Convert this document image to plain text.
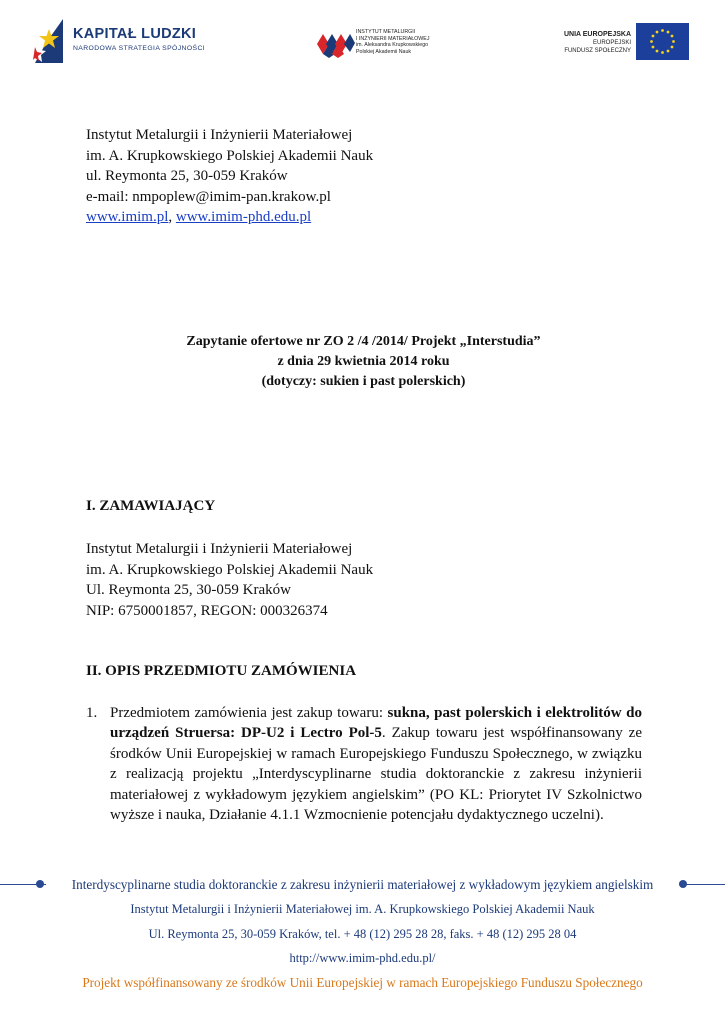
KAPITAŁ LUDZKI
NARODOWA STRATEGIA SPÓJNOŚCI
INSTYTUT METALURGII
I INŻYNIERII MATERIAŁOWEJ
im. Aleksandra Krupkowskiego
Polskiej Akademii Nauk
UNIA EUROPEJSKA
EUROPEJSKI
FUNDUSZ SPOŁECZNY
Instytut Metalurgii i Inżynierii Materiałowej
im. A. Krupkowskiego Polskiej Akademii Nauk
ul. Reymonta 25, 30-059 Kraków
e-mail: nmpoplew@imim-pan.krakow.pl
www.imim.pl, www.imim-phd.edu.pl
Zapytanie ofertowe nr ZO 2 /4 /2014/ Projekt „Interstudia”
z dnia 29 kwietnia 2014 roku
(dotyczy: sukien i past polerskich)
I. ZAMAWIAJĄCY
Instytut Metalurgii i Inżynierii Materiałowej
im. A. Krupkowskiego Polskiej Akademii Nauk
Ul. Reymonta 25, 30-059 Kraków
NIP: 6750001857, REGON: 000326374
II. OPIS PRZEDMIOTU ZAMÓWIENIA
1. Przedmiotem zamówienia jest zakup towaru: sukna, past polerskich i elektrolitów do urządzeń Struersa: DP-U2 i Lectro Pol-5. Zakup towaru jest współfinansowany ze środków Unii Europejskiej w ramach Europejskiego Funduszu Społecznego, w związku z realizacją projektu „Interdyscyplinarne studia doktoranckie z zakresu inżynierii materiałowej z wykładowym językiem angielskim” (PO KL: Priorytet IV Szkolnictwo wyższe i nauka, Działanie 4.1.1 Wzmocnienie potencjału dydaktycznego uczelni).
Interdyscyplinarne studia doktoranckie z zakresu inżynierii materiałowej z wykładowym językiem angielskim
Instytut Metalurgii i Inżynierii Materiałowej im. A. Krupkowskiego Polskiej Akademii Nauk
Ul. Reymonta 25, 30-059 Kraków, tel. + 48 (12) 295 28 28, faks. + 48 (12) 295 28 04
http://www.imim-phd.edu.pl/
Projekt współfinansowany ze środków Unii Europejskiej w ramach Europejskiego Funduszu Społecznego
